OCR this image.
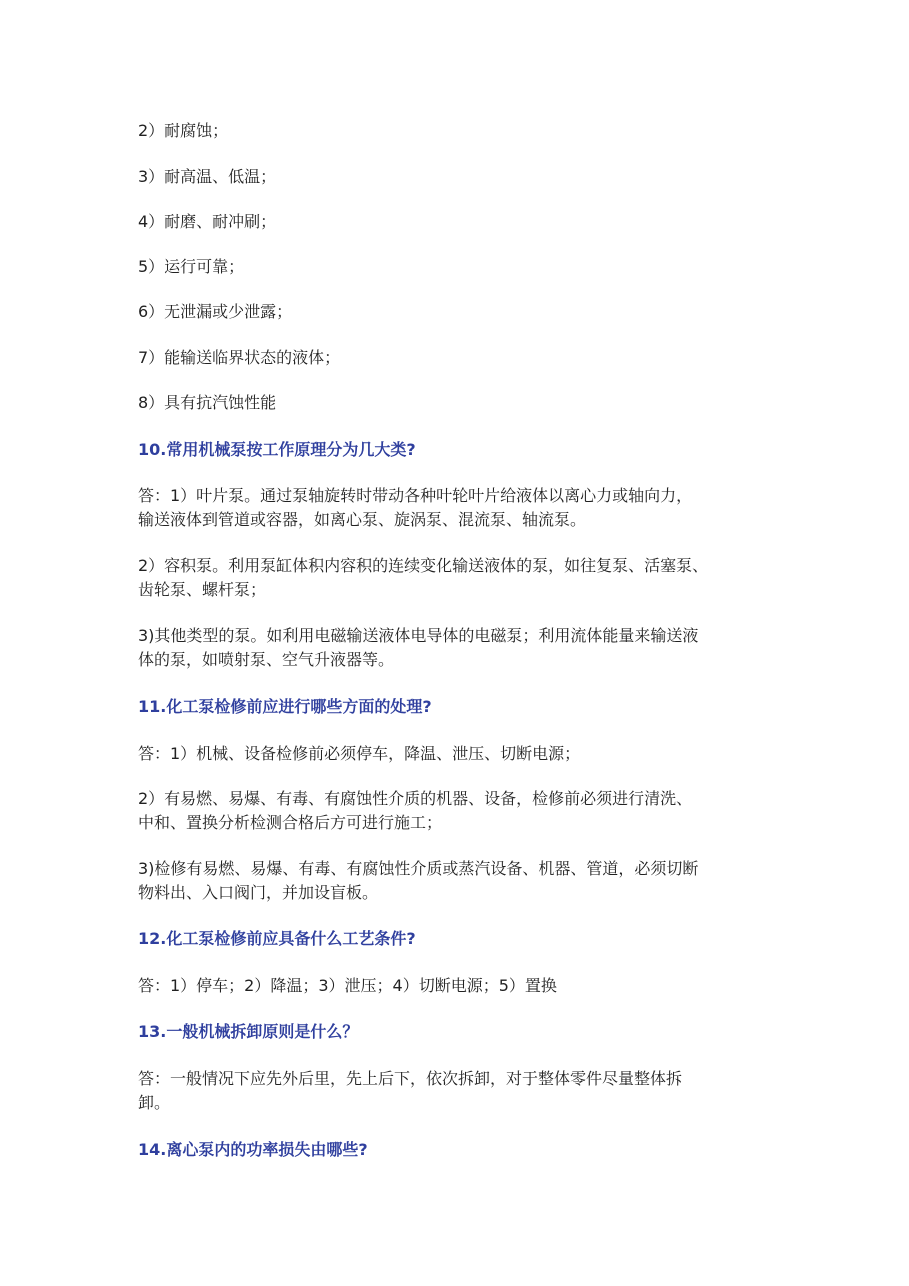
2）耐腐蚀；
3）耐高温、低温；
4）耐磨、耐冲刷；
5）运行可靠；
6）无泄漏或少泄露；
7）能输送临界状态的液体；
8）具有抗汽蚀性能
10.常用机械泵按工作原理分为几大类?
答：1）叶片泵。通过泵轴旋转时带动各种叶轮叶片给液体以离心力或轴向力，
输送液体到管道或容器，如离心泵、旋涡泵、混流泵、轴流泵。
2）容积泵。利用泵缸体积内容积的连续变化输送液体的泵，如往复泵、活塞泵、
齿轮泵、螺杆泵；
3)其他类型的泵。如利用电磁输送液体电导体的电磁泵；利用流体能量来输送液
体的泵，如喷射泵、空气升液器等。
11.化工泵检修前应进行哪些方面的处理?
答：1）机械、设备检修前必须停车，降温、泄压、切断电源；
2）有易燃、易爆、有毒、有腐蚀性介质的机器、设备，检修前必须进行清洗、
中和、置换分析检测合格后方可进行施工；
3)检修有易燃、易爆、有毒、有腐蚀性介质或蒸汽设备、机器、管道，必须切断
物料出、入口阀门，并加设盲板。
12.化工泵检修前应具备什么工艺条件?
答：1）停车；2）降温；3）泄压；4）切断电源；5）置换
13.一般机械拆卸原则是什么？
答：一般情况下应先外后里，先上后下，依次拆卸，对于整体零件尽量整体拆
卸。
14.离心泵内的功率损失由哪些?
